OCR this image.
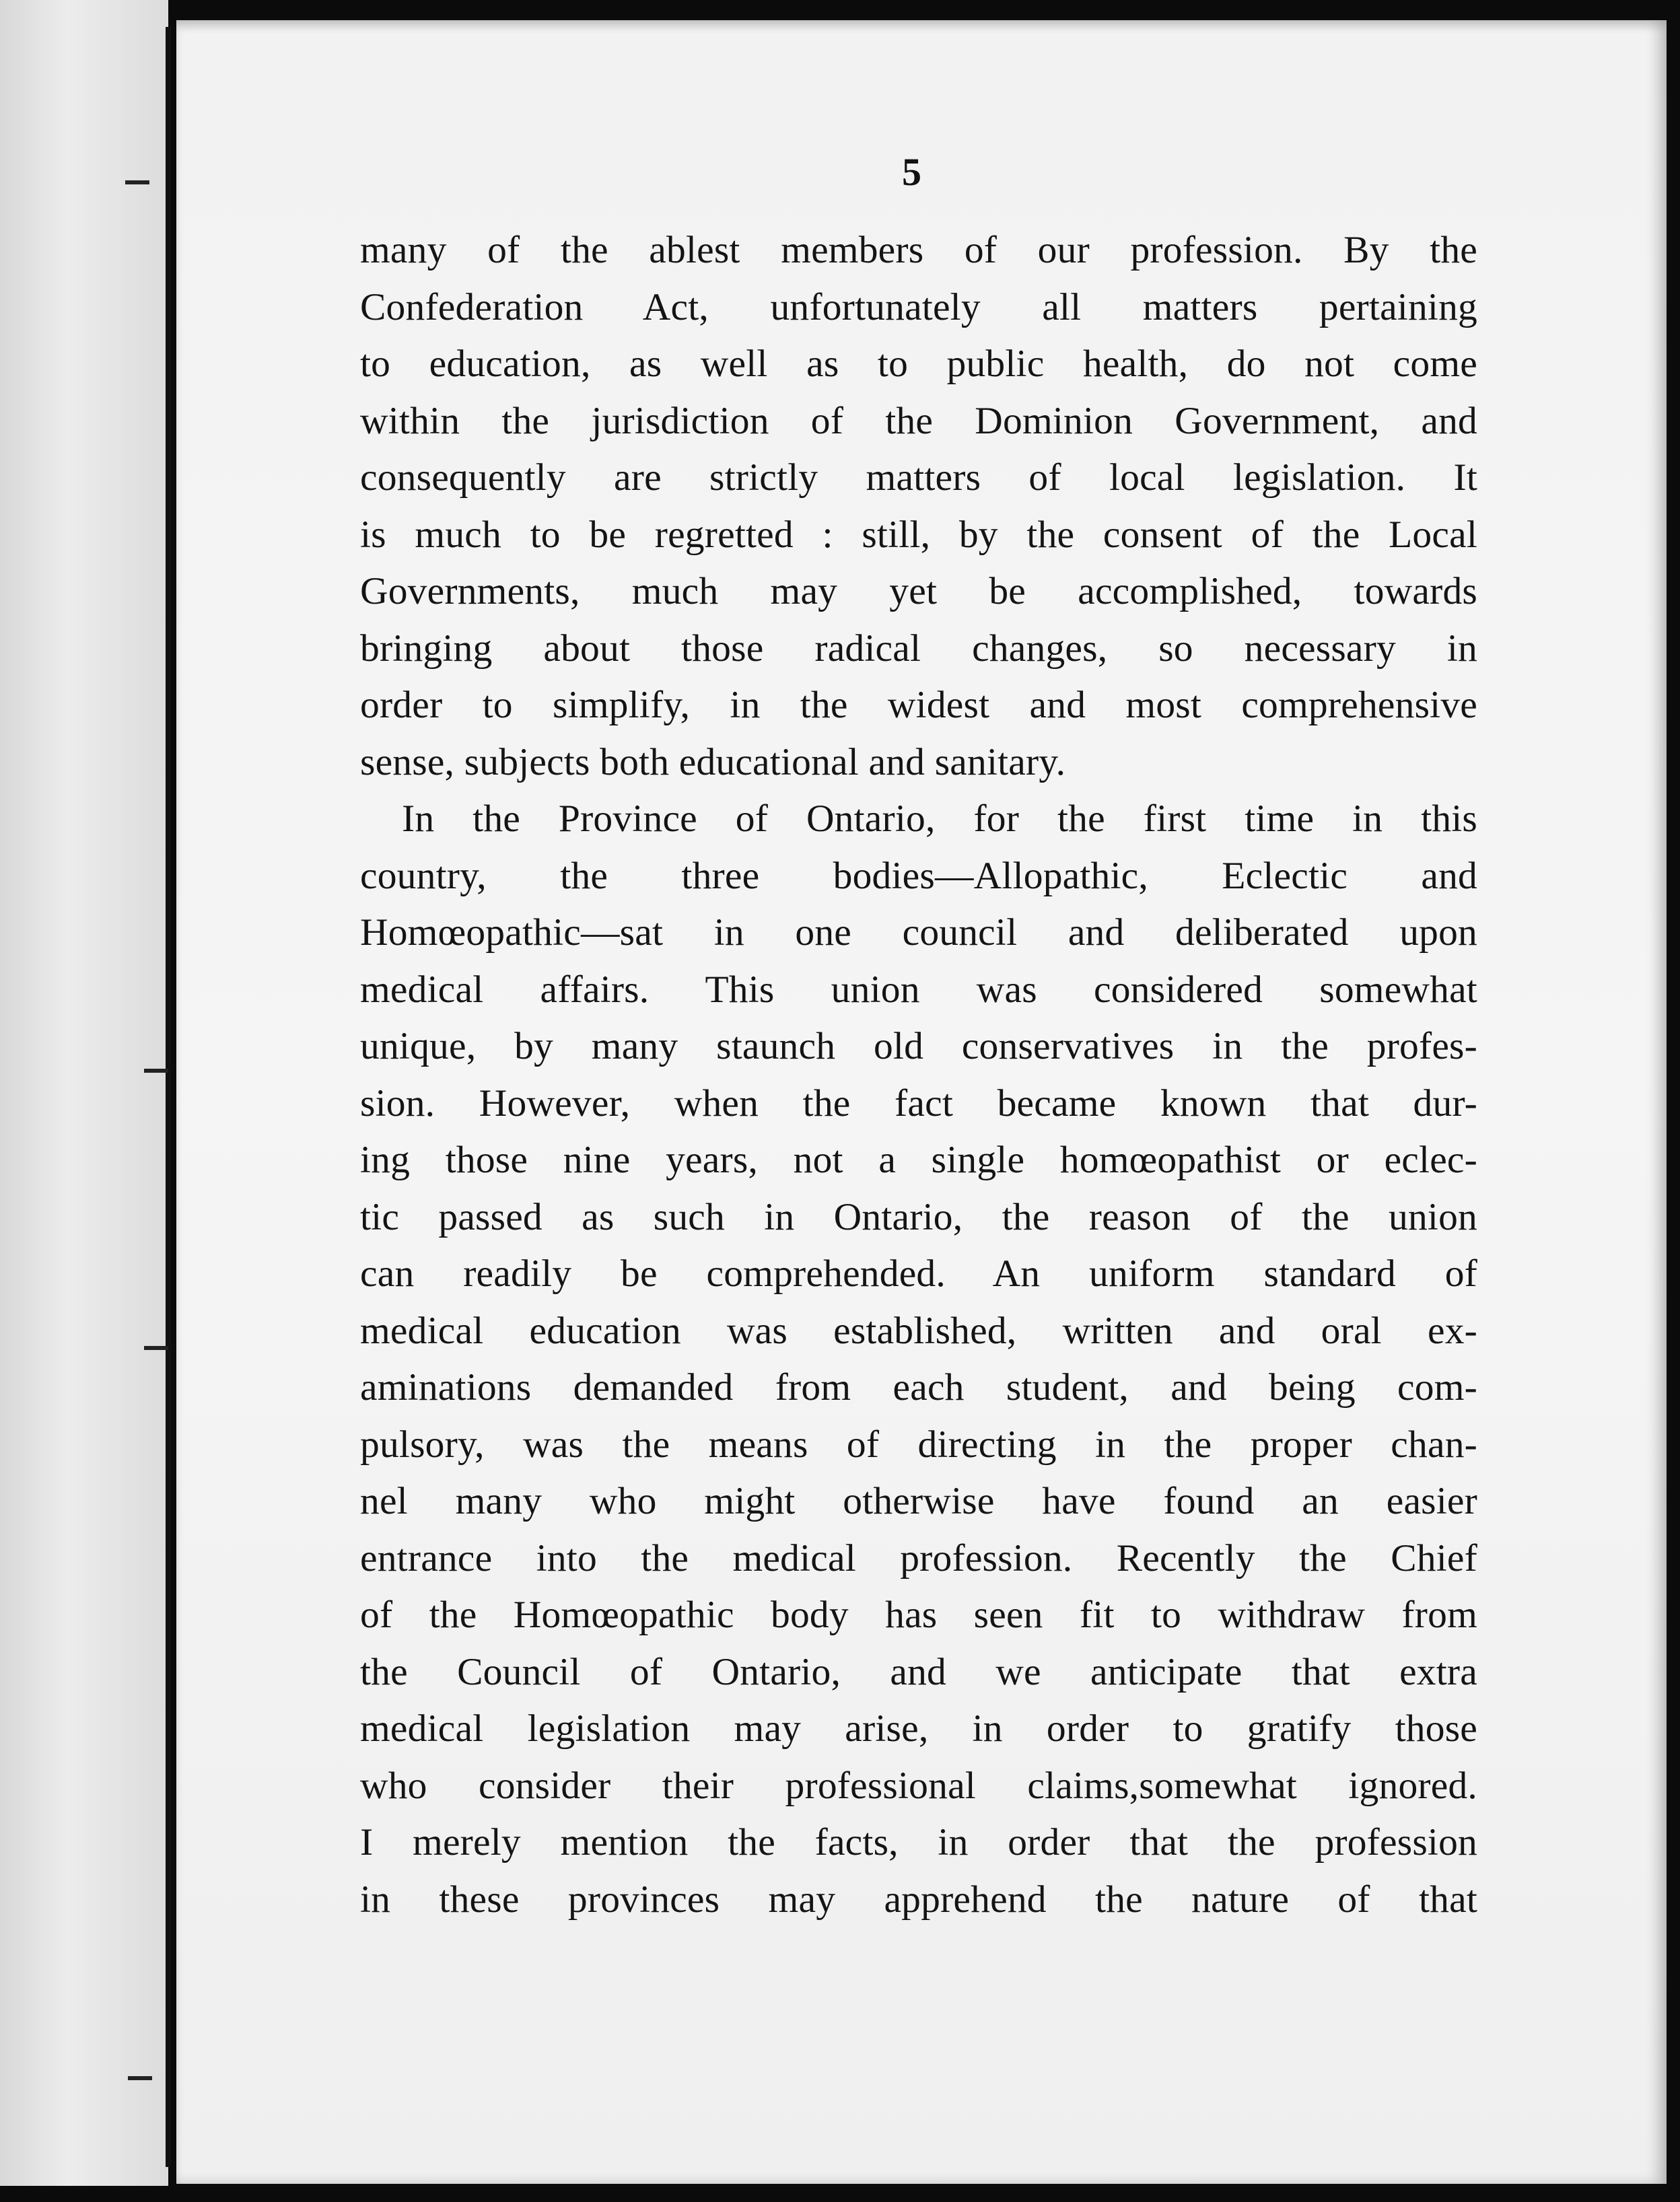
5
many of the ablest members of our profession. By the
Confederation Act, unfortunately all matters pertaining
to education, as well as to public health, do not come
within the jurisdiction of the Dominion Government, and
consequently are strictly matters of local legislation. It
is much to be regretted : still, by the consent of the Local
Governments, much may yet be accomplished, towards
bringing about those radical changes, so necessary in
order to simplify, in the widest and most comprehensive
sense, subjects both educational and sanitary.
In the Province of Ontario, for the first time in this
country, the three bodies—Allopathic, Eclectic and
Homœopathic—sat in one council and deliberated upon
medical affairs. This union was considered somewhat
unique, by many staunch old conservatives in the profes-
sion. However, when the fact became known that dur-
ing those nine years, not a single homœopathist or eclec-
tic passed as such in Ontario, the reason of the union
can readily be comprehended. An uniform standard of
medical education was established, written and oral ex-
aminations demanded from each student, and being com-
pulsory, was the means of directing in the proper chan-
nel many who might otherwise have found an easier
entrance into the medical profession. Recently the Chief
of the Homœopathic body has seen fit to withdraw from
the Council of Ontario, and we anticipate that extra
medical legislation may arise, in order to gratify those
who consider their professional claims,somewhat ignored.
I merely mention the facts, in order that the profession
in these provinces may apprehend the nature of that
